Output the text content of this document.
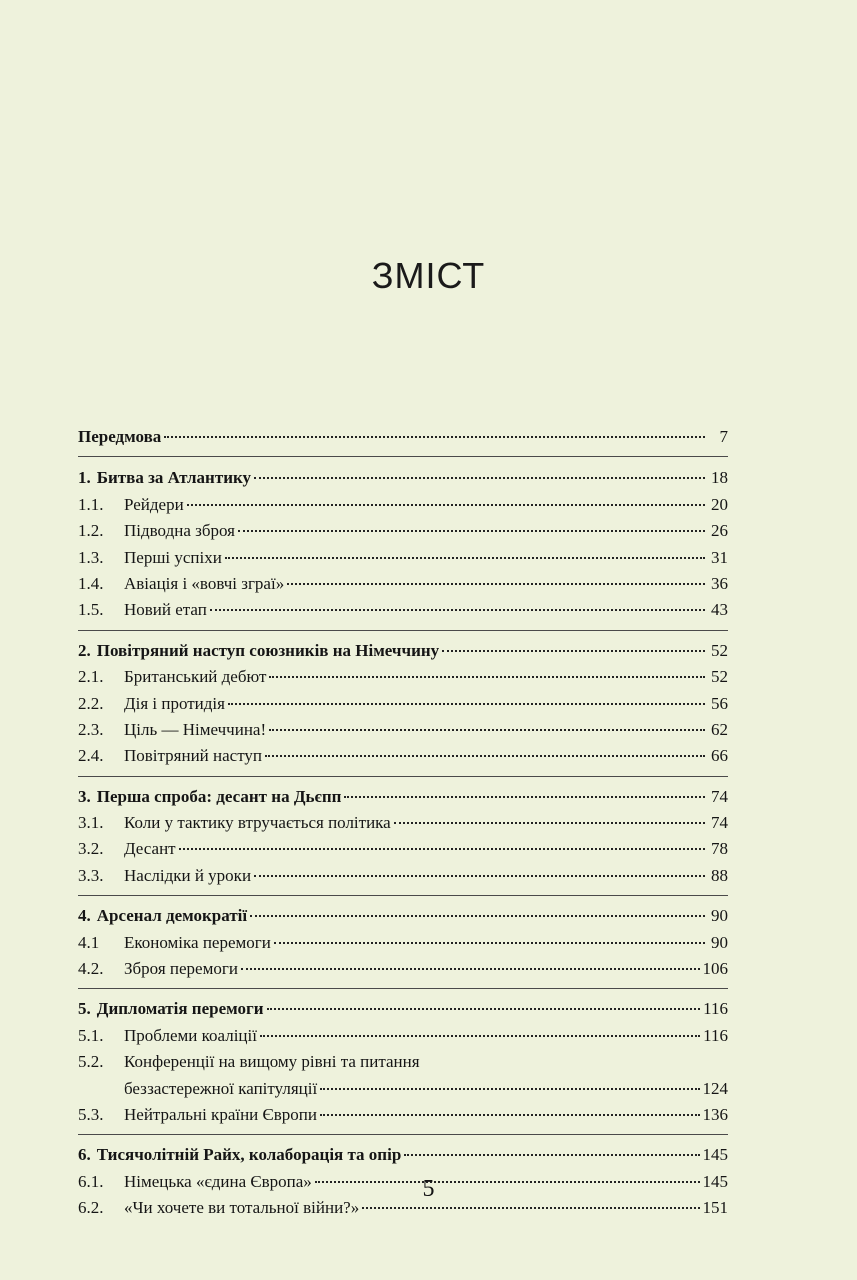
ЗМІСТ
Передмова	7
1. Битва за Атлантику	18
1.1.	Рейдери	20
1.2.	Підводна зброя	26
1.3.	Перші успіхи	31
1.4.	Авіація і «вовчі зграї»	36
1.5.	Новий етап	43
2. Повітряний наступ союзників на Німеччину	52
2.1.	Британський дебют	52
2.2.	Дія і протидія	56
2.3.	Ціль — Німеччина!	62
2.4.	Повітряний наступ	66
3. Перша спроба: десант на Дьєпп	74
3.1.	Коли у тактику втручається політика	74
3.2.	Десант	78
3.3.	Наслідки й уроки	88
4. Арсенал демократії	90
4.1	Економіка перемоги	90
4.2.	Зброя перемоги	106
5. Дипломатія перемоги	116
5.1.	Проблеми коаліції	116
5.2.	Конференції на вищому рівні та питання
беззастережної капітуляції	124
5.3.	Нейтральні країни Європи	136
6. Тисячолітній Райх, колаборація та опір	145
6.1.	Німецька «єдина Європа»	145
6.2.	«Чи хочете ви тотальної війни?»	151
5
